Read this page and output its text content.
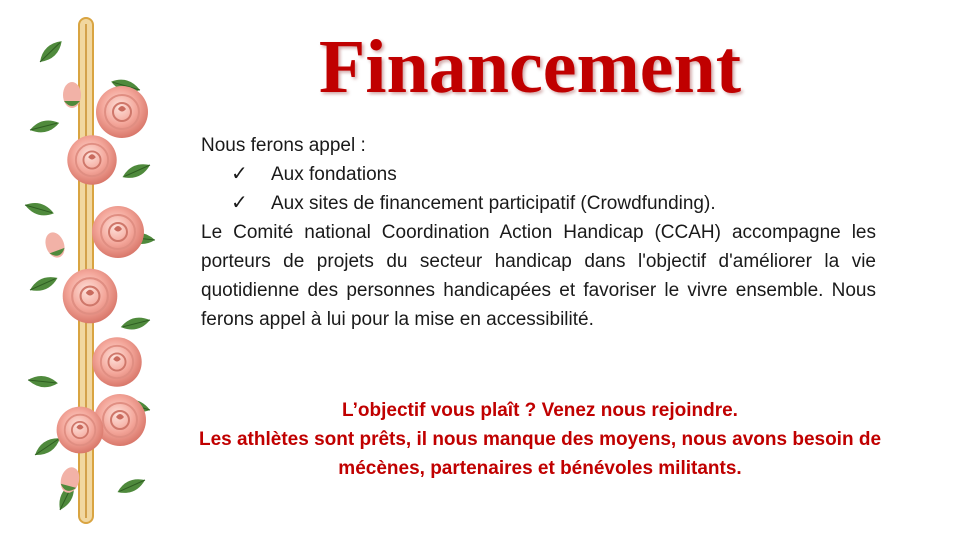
Financement

Nous ferons appel :

✓	Aux fondations
✓	Aux sites de financement participatif (Crowdfunding).

Le Comité national Coordination Action Handicap (CCAH) accompagne les porteurs de projets du secteur handicap dans l'objectif d'améliorer la vie quotidienne des personnes handicapées et favoriser le vivre ensemble. Nous ferons appel à lui pour la mise en accessibilité.

L’objectif vous plaît ? Venez nous rejoindre.

Les athlètes sont prêts, il nous manque des moyens, nous avons besoin de mécènes, partenaires et bénévoles militants.
